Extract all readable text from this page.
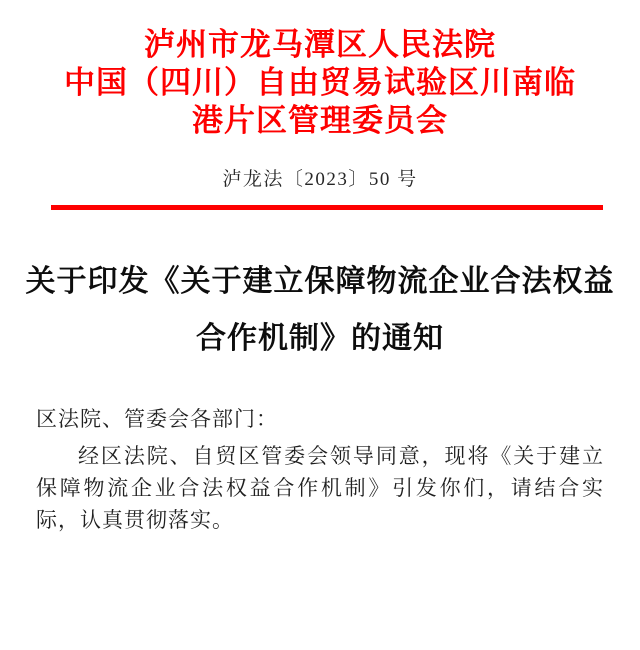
泸州市龙马潭区人民法院
中国（四川）自由贸易试验区川南临
港片区管理委员会
泸龙法〔2023〕50 号
关于印发《关于建立保障物流企业合法权益
合作机制》的通知
区法院、管委会各部门：

经区法院、自贸区管委会领导同意，现将《关于建立保障物流企业合法权益合作机制》引发你们，请结合实际，认真贯彻落实。
